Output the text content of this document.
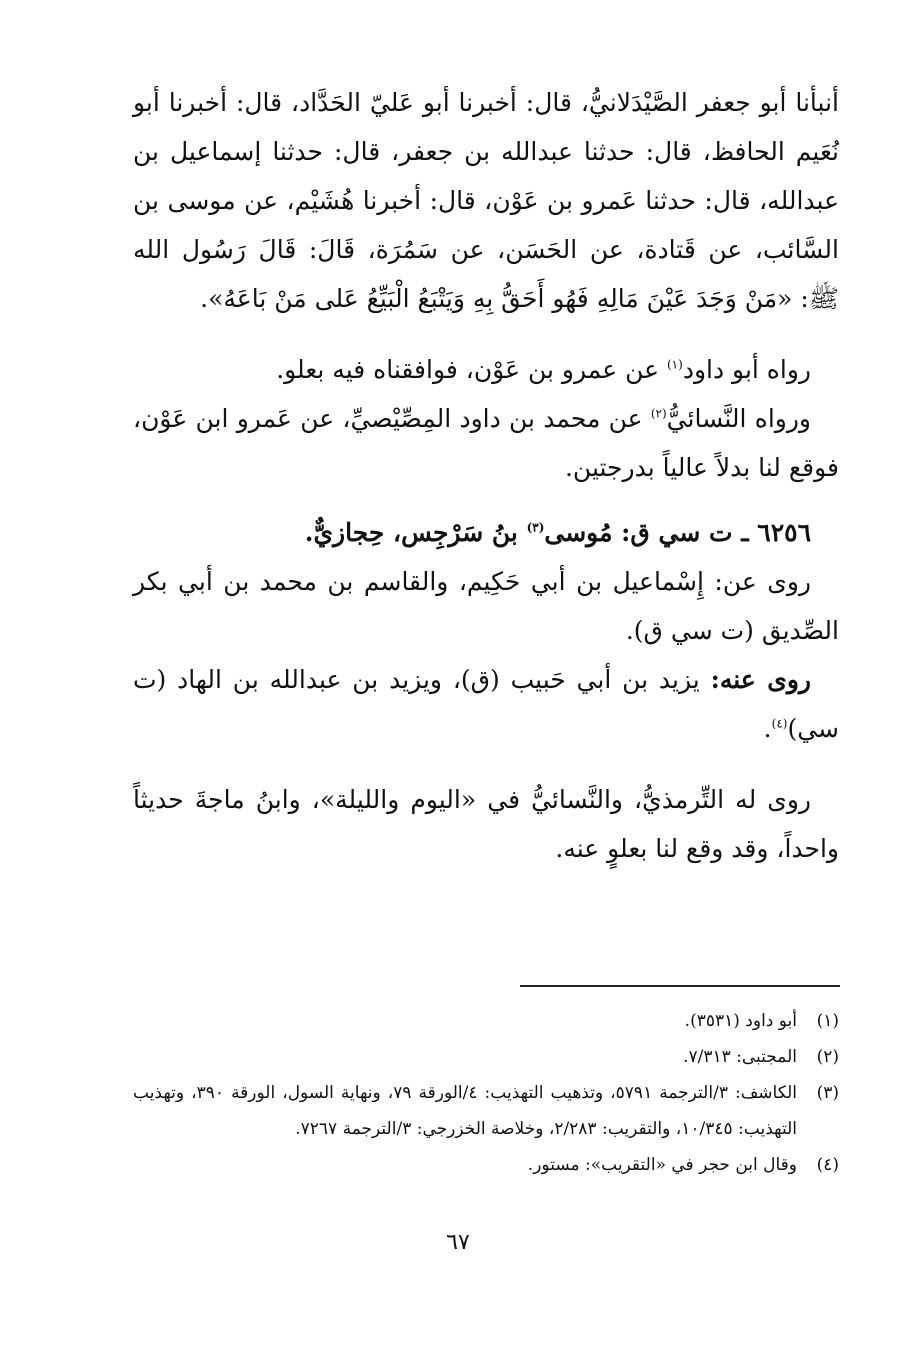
أنبأنا أبو جعفر الصَّيْدَلانيُّ، قال: أخبرنا أبو عَليّ الحَدَّاد، قال: أخبرنا أبو نُعَيم الحافظ، قال: حدثنا عبدالله بن جعفر، قال: حدثنا إسماعيل بن عبدالله، قال: حدثنا عَمرو بن عَوْن، قال: أخبرنا هُشَيْم، عن موسى بن السَّائب، عن قَتادة، عن الحَسَن، عن سَمُرَة، قَالَ: قَالَ رَسُول الله ﷺ: «مَنْ وَجَدَ عَيْنَ مَالِهِ فَهُو أَحَقُّ بِهِ وَيَتْبَعُ الْبَيِّعُ عَلى مَنْ بَاعَهُ».

رواه أبو داود$^{(١)}$ عن عمرو بن عَوْن، فوافقناه فيه بعلو.

ورواه النَّسائيُّ$^{(٢)}$ عن محمد بن داود المِصِّيْصيِّ، عن عَمرو ابن عَوْن، فوقع لنا بدلاً عالياً بدرجتين.

٦٢٥٦ ـ ت سي ق: مُوسى$^{(٣)}$ بنُ سَرْجِس، حِجازيٌّ.

روى عن: إِسْماعيل بن أبي حَكِيم، والقاسم بن محمد بن أبي بكر الصِّديق (ت سي ق).

روى عنه: يزيد بن أبي حَبيب (ق)، ويزيد بن عبدالله بن الهاد (ت سي)$^{(٤)}$.

روى له التِّرمذيُّ، والنَّسائيُّ في «اليوم والليلة»، وابنُ ماجةَ حديثاً واحداً، وقد وقع لنا بعلوٍ عنه.

(١)
أبو داود (٣٥٣١).
(٢)
المجتبى: ٧/٣١٣.
(٣)
الكاشف: ٣/الترجمة ٥٧٩١، وتذهيب التهذيب: ٤/الورقة ٧٩، ونهاية السول، الورقة ٣٩٠، وتهذيب التهذيب: ١٠/٣٤٥، والتقريب: ٢/٢٨٣، وخلاصة الخزرجي: ٣/الترجمة ٧٢٦٧.
(٤)
وقال ابن حجر في «التقريب»: مستور.
٦٧
